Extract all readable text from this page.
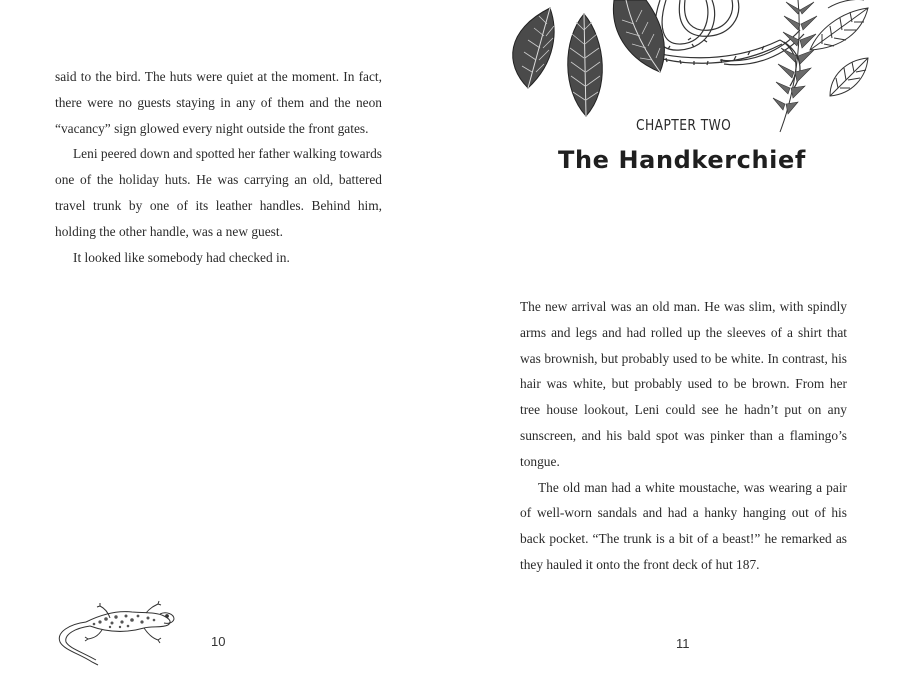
said to the bird. The huts were quiet at the moment. In fact, there were no guests staying in any of them and the neon “vacancy” sign glowed every night outside the front gates.

Leni peered down and spotted her father walking towards one of the holiday huts. He was carrying an old, battered travel trunk by one of its leather handles. Behind him, holding the other handle, was a new guest.

It looked like somebody had checked in.

10
CHAPTER TWO
The Handkerchief

The new arrival was an old man. He was slim, with spindly arms and legs and had rolled up the sleeves of a shirt that was brownish, but probably used to be white. In contrast, his hair was white, but probably used to be brown. From her tree house lookout, Leni could see he hadn’t put on any sunscreen, and his bald spot was pinker than a flamingo’s tongue.

The old man had a white moustache, was wearing a pair of well-worn sandals and had a hanky hanging out of his back pocket. “The trunk is a bit of a beast!” he remarked as they hauled it onto the front deck of hut 187.

11
